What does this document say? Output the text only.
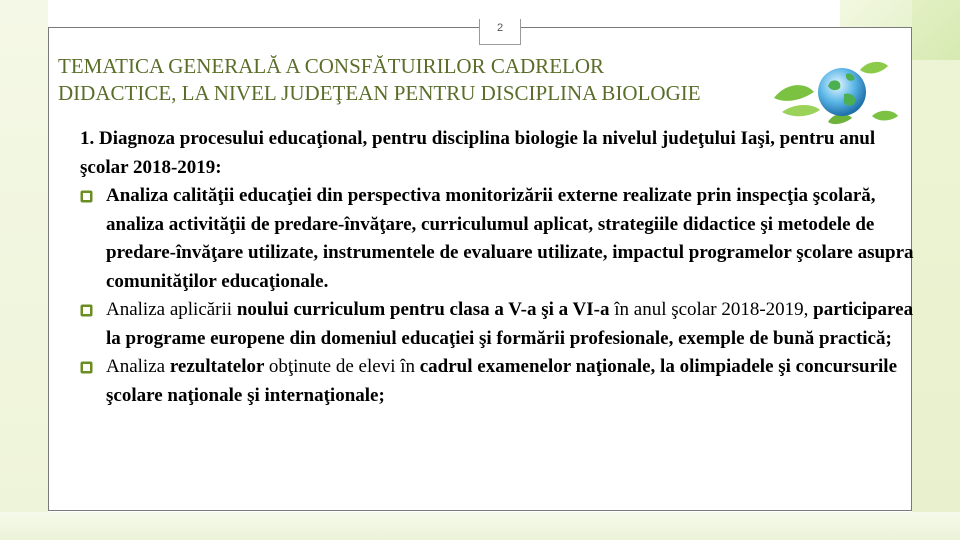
2
TEMATICA GENERALĂ A CONSFĂTUIRILOR CADRELOR
DIDACTICE, LA NIVEL JUDEŢEAN PENTRU DISCIPLINA BIOLOGIE

1. Diagnoza procesului educaţional, pentru disciplina biologie la nivelul judeţului Iaşi, pentru anul şcolar 2018-2019:

Analiza calităţii educaţiei din perspectiva monitorizării externe realizate prin inspecţia şcolară, analiza activităţii de predare-învăţare, curriculumul aplicat, strategiile didactice şi metodele de predare-învăţare utilizate, instrumentele de evaluare utilizate, impactul programelor şcolare asupra comunităţilor educaţionale.
Analiza aplicării noului curriculum pentru clasa a V-a şi a VI-a în anul şcolar 2018-2019, participarea la programe europene din domeniul educaţiei şi formării profesionale, exemple de bună practică;
Analiza rezultatelor obţinute de elevi în cadrul examenelor naţionale, la olimpiadele şi concursurile şcolare naţionale şi internaţionale;
